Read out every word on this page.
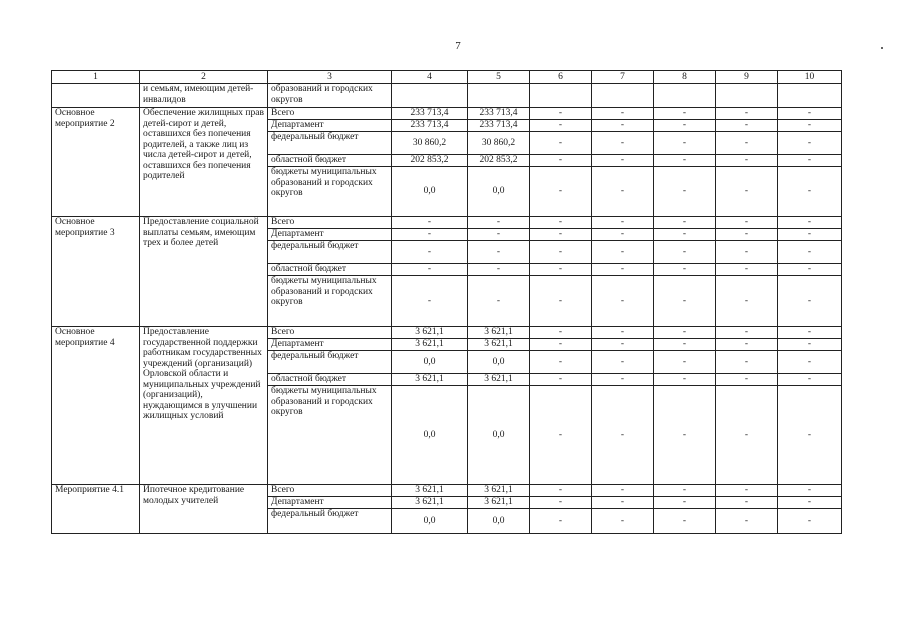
7
1	2	3	4	5	6	7	8	9	10
	и семьям, имеющим детей-инвалидов	образований и городских округов							
Основное мероприятие 2	Обеспечение жилищных прав детей-сирот и детей, оставшихся без попечения родителей, а также лиц из числа детей-сирот и детей, оставшихся без попечения родителей	Всего	233 713,4	233 713,4	-	-	-	-	-
		Департамент	233 713,4	233 713,4	-	-	-	-	-
		федеральный бюджет	30 860,2	30 860,2	-	-	-	-	-
		областной бюджет	202 853,2	202 853,2	-	-	-	-	-
		бюджеты муниципальных образований и городских округов	0,0	0,0	-	-	-	-	-
Основное мероприятие 3	Предоставление социальной выплаты семьям, имеющим трех и более детей	Всего	-	-	-	-	-	-	-
		Департамент	-	-	-	-	-	-	-
		федеральный бюджет	-	-	-	-	-	-	-
		областной бюджет	-	-	-	-	-	-	-
		бюджеты муниципальных образований и городских округов	-	-	-	-	-	-	-
Основное мероприятие 4	Предоставление государственной поддержки работникам государственных учреждений (организаций) Орловской области и муниципальных учреждений (организаций), нуждающимся в улучшении жилищных условий	Всего	3 621,1	3 621,1	-	-	-	-	-
		Департамент	3 621,1	3 621,1	-	-	-	-	-
		федеральный бюджет	0,0	0,0	-	-	-	-	-
		областной бюджет	3 621,1	3 621,1	-	-	-	-	-
		бюджеты муниципальных образований и городских округов	0,0	0,0	-	-	-	-	-
Мероприятие 4.1	Ипотечное кредитование молодых учителей	Всего	3 621,1	3 621,1	-	-	-	-	-
		Департамент	3 621,1	3 621,1	-	-	-	-	-
		федеральный бюджет	0,0	0,0	-	-	-	-	-
